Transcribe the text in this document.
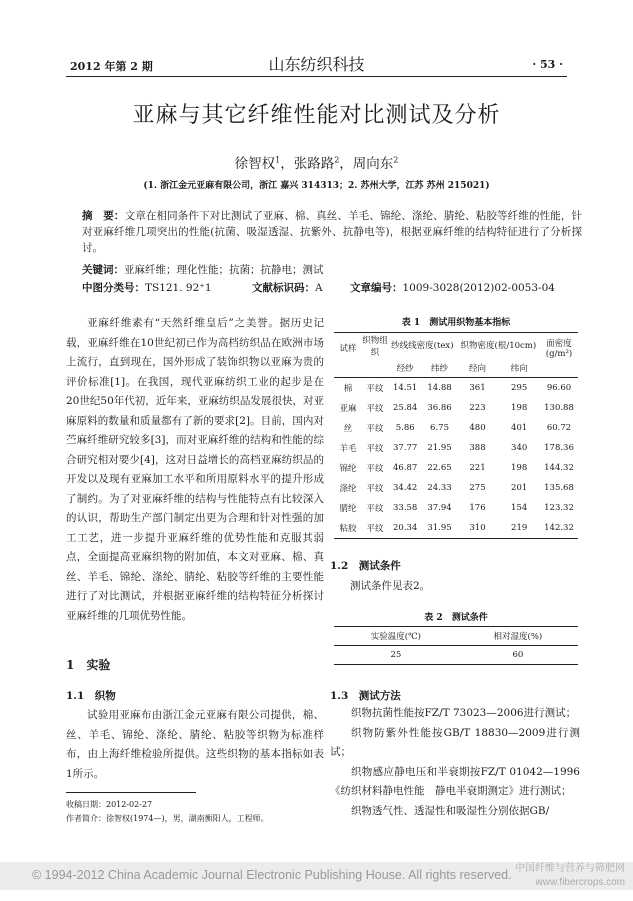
2012 年第 2 期	山东纺织科技	· 53 ·
亚麻与其它纤维性能对比测试及分析
徐智权$^1$，张路路$^2$，周向东$^2$
(1. 浙江金元亚麻有限公司，浙江 嘉兴 314313；2. 苏州大学，江苏 苏州 215021)
摘　要：文章在相同条件下对比测试了亚麻、棉、真丝、羊毛、锦纶、涤纶、腈纶、粘胶等纤维的性能，针对亚麻纤维几项突出的性能(抗菌、吸湿透湿、抗紫外、抗静电等)，根据亚麻纤维的结构特征进行了分析探讨。
关键词：亚麻纤维；理化性能；抗菌；抗静电；测试
中图分类号：TS121. 92⁺1	文献标识码：A	文章编号：1009-3028(2012)02-0053-04

亚麻纤维素有“天然纤维皇后”之美誉。据历史记载，亚麻纤维在10世纪初已作为高档纺织品在欧洲市场上流行，直到现在，国外形成了装饰织物以亚麻为贵的评价标准[1]。在我国，现代亚麻纺织工业的起步是在20世纪50年代初，近年来，亚麻纺织品发展很快，对亚麻原料的数量和质量都有了新的要求[2]。目前，国内对苎麻纤维研究较多[3]，而对亚麻纤维的结构和性能的综合研究相对要少[4]，这对日益增长的高档亚麻纺织品的开发以及现有亚麻加工水平和所用原料水平的提升形成了制约。为了对亚麻纤维的结构与性能特点有比较深入的认识，帮助生产部门制定出更为合理和针对性强的加工工艺，进一步提升亚麻纤维的优势性能和克服其弱点，全面提高亚麻织物的附加值，本文对亚麻、棉、真丝、羊毛、锦纶、涤纶、腈纶、粘胶等纤维的主要性能进行了对比测试，并根据亚麻纤维的结构特征分析探讨亚麻纤维的几项优势性能。

1　实验
1.1　织物

试验用亚麻布由浙江金元亚麻有限公司提供，棉、丝、羊毛、锦纶、涤纶、腈纶、粘胶等织物为标准样布，由上海纤维检验所提供。这些织物的基本指标如表1所示。

收稿日期：2012-02-27
作者简介：徐智权(1974—)，男，湖南衡阳人，工程师。
表 1　测试用织物基本指标
试样	织物组织	纱线线密度(tex)		织物密度(根/10cm)		面密度(g/m²)

		经纱	纬纱	经向	纬向	
棉	平纹	14.51	14.88	361	295	96.60
亚麻	平纹	25.84	36.86	223	198	130.88
丝	平纹	5.86	6.75	480	401	60.72
羊毛	平纹	37.77	21.95	388	340	178.36
锦纶	平纹	46.87	22.65	221	198	144.32
涤纶	平纹	34.42	24.33	275	201	135.68
腈纶	平纹	33.58	37.94	176	154	123.32
粘胶	平纹	20.34	31.95	310	219	142.32
1.2　测试条件
测试条件见表2。
表 2　测试条件
实验温度(℃)	相对湿度(%)
25	60
1.3　测试方法

织物抗菌性能按FZ/T 73023—2006进行测试；

织物防紫外性能按GB/T 18830—2009进行测试；

织物感应静电压和半衰期按FZ/T 01042—1996《纺织材料静电性能　静电半衰期测定》进行测试；

织物透气性、透湿性和吸湿性分别依据GB/

© 1994-2012 China Academic Journal Electronic Publishing House. All rights reserved. 中国纤维与营养与筛肥网
www.fibercrops.com
